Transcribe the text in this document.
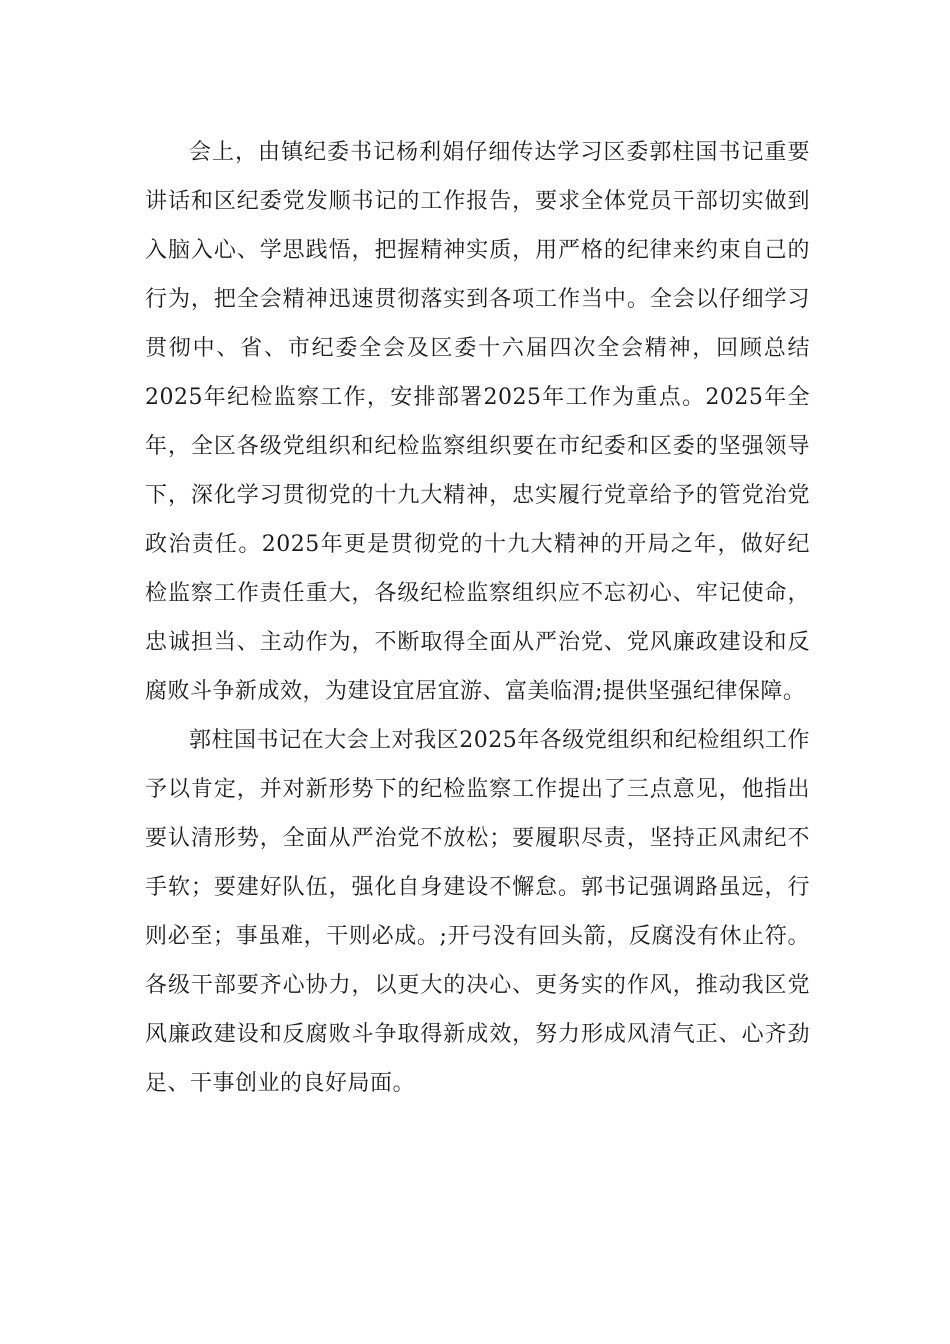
会上，由镇纪委书记杨利娟仔细传达学习区委郭柱国书记重要讲话和区纪委党发顺书记的工作报告，要求全体党员干部切实做到入脑入心、学思践悟，把握精神实质，用严格的纪律来约束自己的行为，把全会精神迅速贯彻落实到各项工作当中。全会以仔细学习贯彻中、省、市纪委全会及区委十六届四次全会精神，回顾总结2025年纪检监察工作，安排部署2025年工作为重点。2025年全年，全区各级党组织和纪检监察组织要在市纪委和区委的坚强领导下，深化学习贯彻党的十九大精神，忠实履行党章给予的管党治党政治责任。2025年更是贯彻党的十九大精神的开局之年，做好纪检监察工作责任重大，各级纪检监察组织应不忘初心、牢记使命，忠诚担当、主动作为，不断取得全面从严治党、党风廉政建设和反腐败斗争新成效，为建设宜居宜游、富美临渭;提供坚强纪律保障。

郭柱国书记在大会上对我区2025年各级党组织和纪检组织工作予以肯定，并对新形势下的纪检监察工作提出了三点意见，他指出要认清形势，全面从严治党不放松；要履职尽责，坚持正风肃纪不手软；要建好队伍，强化自身建设不懈怠。郭书记强调路虽远，行则必至；事虽难，干则必成。;开弓没有回头箭，反腐没有休止符。各级干部要齐心协力，以更大的决心、更务实的作风，推动我区党风廉政建设和反腐败斗争取得新成效，努力形成风清气正、心齐劲足、干事创业的良好局面。
